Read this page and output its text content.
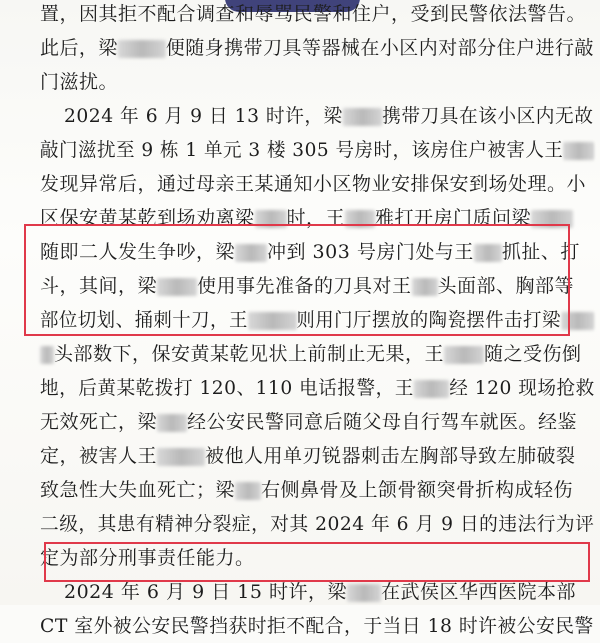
置，因其拒不配合调查和辱骂民警和住户，受到民警依法警告。
此后，梁	便随身携带刀具等器械在小区内对部分住户进行敲
门滋扰。
2024 年 6 月 9 日 13 时许，梁 携带刀具在该小区内无故
敲门滋扰至 9 栋 1 单元 3 楼 305 号房时，该房住户被害人王
发现异常后，通过母亲王某通知小区物业安排保安到场处理。小
区保安黄某乾到场劝离梁 时，王 雅打开房门质问梁
随即二人发生争吵，梁 冲到 303 号房门处与王 抓扯、打
斗，其间，梁 使用事先准备的刀具对王 头面部、胸部等
部位切划、捅刺十刀，王	则用门厅摆放的陶瓷摆件击打梁
头部数下，保安黄某乾见状上前制止无果，王 随之受伤倒
地，后黄某乾拨打 120、110 电话报警，王 经 120 现场抢救
无效死亡，梁 经公安民警同意后随父母自行驾车就医。经鉴
定，被害人王	被他人用单刃锐器刺击左胸部导致左肺破裂
致急性大失血死亡；梁 右侧鼻骨及上颌骨额突骨折构成轻伤
二级，其患有精神分裂症，对其 2024 年 6 月 9 日的违法行为评
定为部分刑事责任能力。
2024 年 6 月 9 日 15 时许，梁 在武侯区华西医院本部
CT 室外被公安民警挡获时拒不配合，于当日 18 时许被公安民警
